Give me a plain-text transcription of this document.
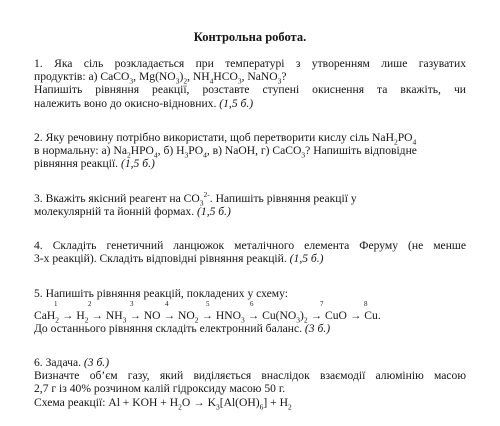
Контрольна робота.
1. Яка сіль розкладається при температурі з утворенням лише газуватих
продуктів: а) CaCO$_3$, $Mg(NO_3)_2$, $NH_4HCO_3$, NaNO$_3$?
Напишіть рівняння реакції, розставте ступені окиснення та вкажіть, чи
належить воно до окисно-відновних. (1,5 б.)
2. Яку речовину потрібно використати, щоб перетворити кислу сіль $NaH_2PO_4$
в нормальну: а) $Na_2HPO_4$, б) $H_3PO_4$, в) NaOH, г) CaCO$_3$? Напишіть відповідне
рівняння реакції. (1,5 б.)
3. Вкажіть якісний реагент на $CO_3^{2-}$. Напишіть рівняння реакції у
молекулярній та йонній формах. (1,5 б.)
4. Складіть генетичний ланцюжок металічного елемента Феруму (не менше
3-х реакцій). Складіть відповідні рівняння реакцій. (1,5 б.)
5. Напишіть рівняння реакцій, покладених у схему:
1	2	3	4	5	6	7	8
$CaH_2 \to H_2 \to NH_3$ → NO → $NO_2 \to HNO_3 \to Cu(NO_3)_2$ → CuO → Cu.
До останнього рівняння складіть електронний баланс. (3 б.)
6. Задача. (3 б.)
Визначте об’єм газу, який виділяється внаслідок взаємодії алюмінію масою
2,7 г із 40% розчином калій гідроксиду масою 50 г.
Схема реакції: Al + KOH + $H_2O \to K_3[Al(OH)_6] + H_2$
